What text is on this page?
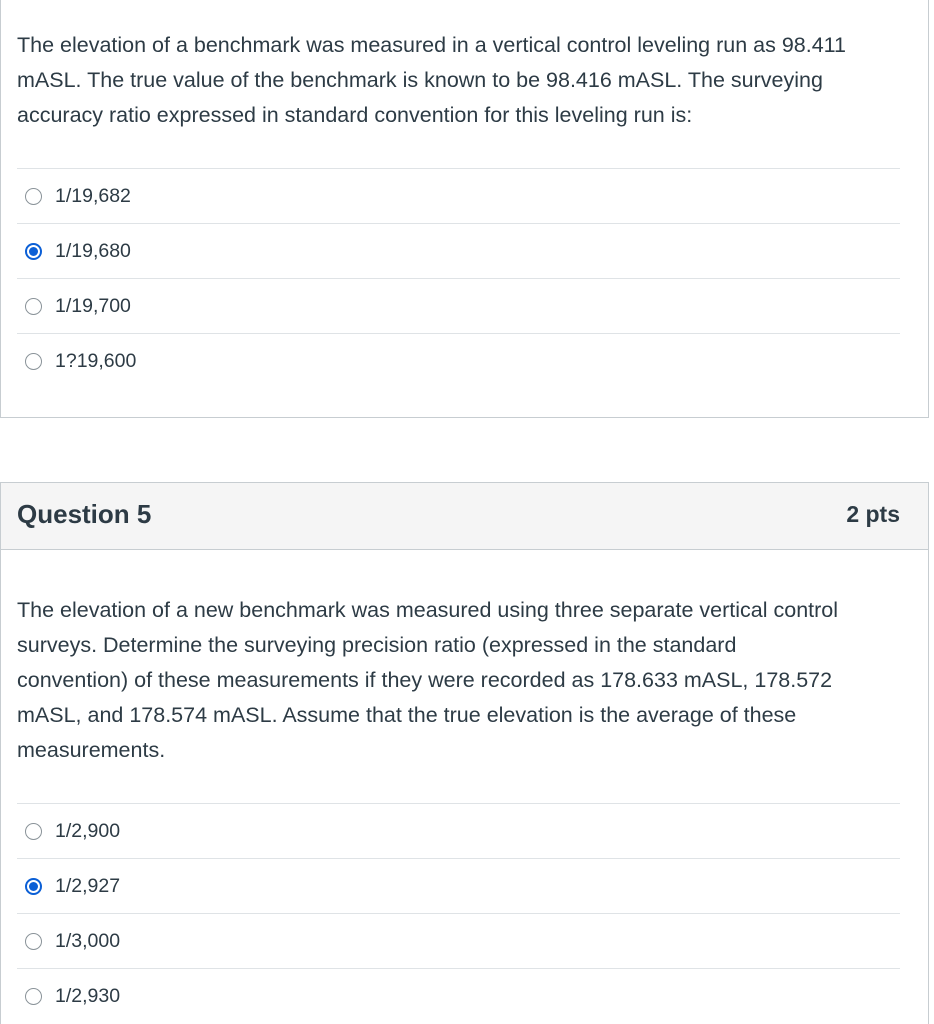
The elevation of a benchmark was measured in a vertical control leveling run as 98.411
mASL. The true value of the benchmark is known to be 98.416 mASL. The surveying
accuracy ratio expressed in standard convention for this leveling run is:
1/19,682
1/19,680
1/19,700
1?19,600
Question 5	2 pts
The elevation of a new benchmark was measured using three separate vertical control
surveys. Determine the surveying precision ratio (expressed in the standard
convention) of these measurements if they were recorded as 178.633 mASL, 178.572
mASL, and 178.574 mASL. Assume that the true elevation is the average of these
measurements.
1/2,900
1/2,927
1/3,000
1/2,930
